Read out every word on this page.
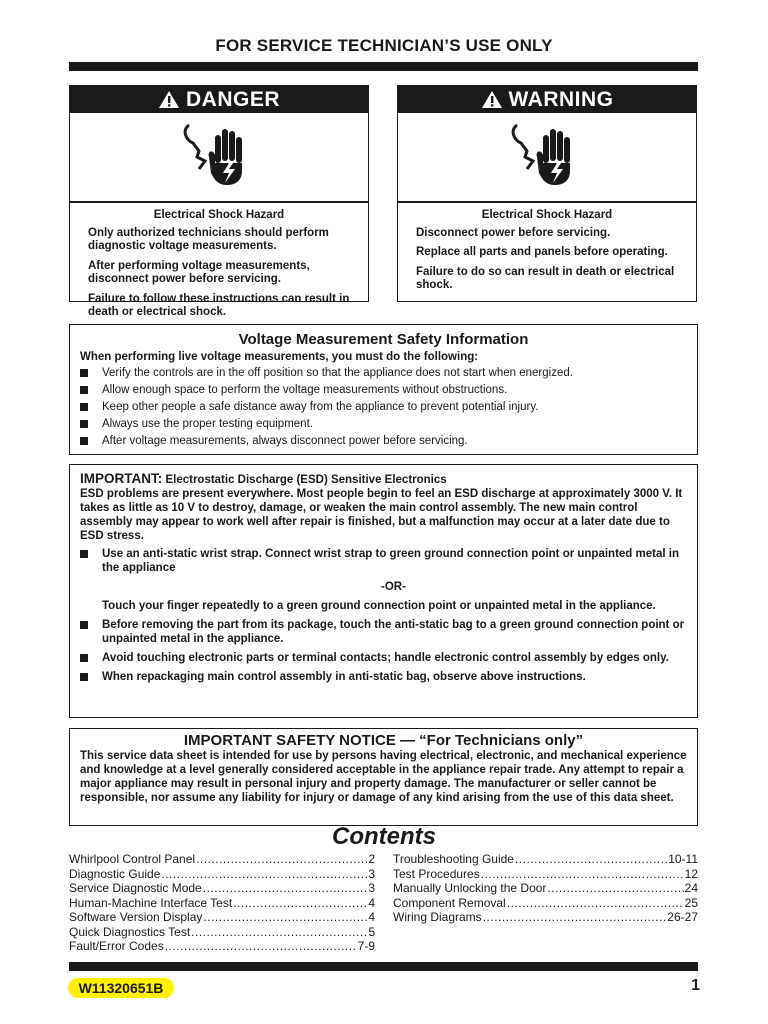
FOR SERVICE TECHNICIAN’S USE ONLY
DANGER
Electrical Shock Hazard

Only authorized technicians should perform diagnostic voltage measurements.

After performing voltage measurements, disconnect power before servicing.

Failure to follow these instructions can result in death or electrical shock.

WARNING
Electrical Shock Hazard

Disconnect power before servicing.

Replace all parts and panels before operating.

Failure to do so can result in death or electrical shock.

Voltage Measurement Safety Information
When performing live voltage measurements, you must do the following:
Verify the controls are in the off position so that the appliance does not start when energized.
Allow enough space to perform the voltage measurements without obstructions.
Keep other people a safe distance away from the appliance to prevent potential injury.
Always use the proper testing equipment.
After voltage measurements, always disconnect power before servicing.

IMPORTANT: Electrostatic Discharge (ESD) Sensitive Electronics

ESD problems are present everywhere. Most people begin to feel an ESD discharge at approximately 3000 V. It takes as little as 10 V to destroy, damage, or weaken the main control assembly. The new main control assembly may appear to work well after repair is finished, but a malfunction may occur at a later date due to ESD stress.

Use an anti-static wrist strap. Connect wrist strap to green ground connection point or unpainted metal in the appliance
-OR-
Touch your finger repeatedly to a green ground connection point or unpainted metal in the appliance.
Before removing the part from its package, touch the anti-static bag to a green ground connection point or unpainted metal in the appliance.
Avoid touching electronic parts or terminal contacts; handle electronic control assembly by edges only.
When repackaging main control assembly in anti-static bag, observe above instructions.
IMPORTANT SAFETY NOTICE — “For Technicians only”
This service data sheet is intended for use by persons having electrical, electronic, and mechanical experience and knowledge at a level generally considered acceptable in the appliance repair trade. Any attempt to repair a major appliance may result in personal injury and property damage. The manufacturer or seller cannot be responsible, nor assume any liability for injury or damage of any kind arising from the use of this data sheet.
Contents
Whirlpool Control Panel .....	2
Diagnostic Guide .....	3
Service Diagnostic Mode .....	3
Human-Machine Interface Test .....	4
Software Version Display .....	4
Quick Diagnostics Test .....	5
Fault/Error Codes .....	7-9
Troubleshooting Guide .....	10-11
Test Procedures .....	12
Manually Unlocking the Door .....	24
Component Removal .....	25
Wiring Diagrams .....	26-27
W11320651B	1
